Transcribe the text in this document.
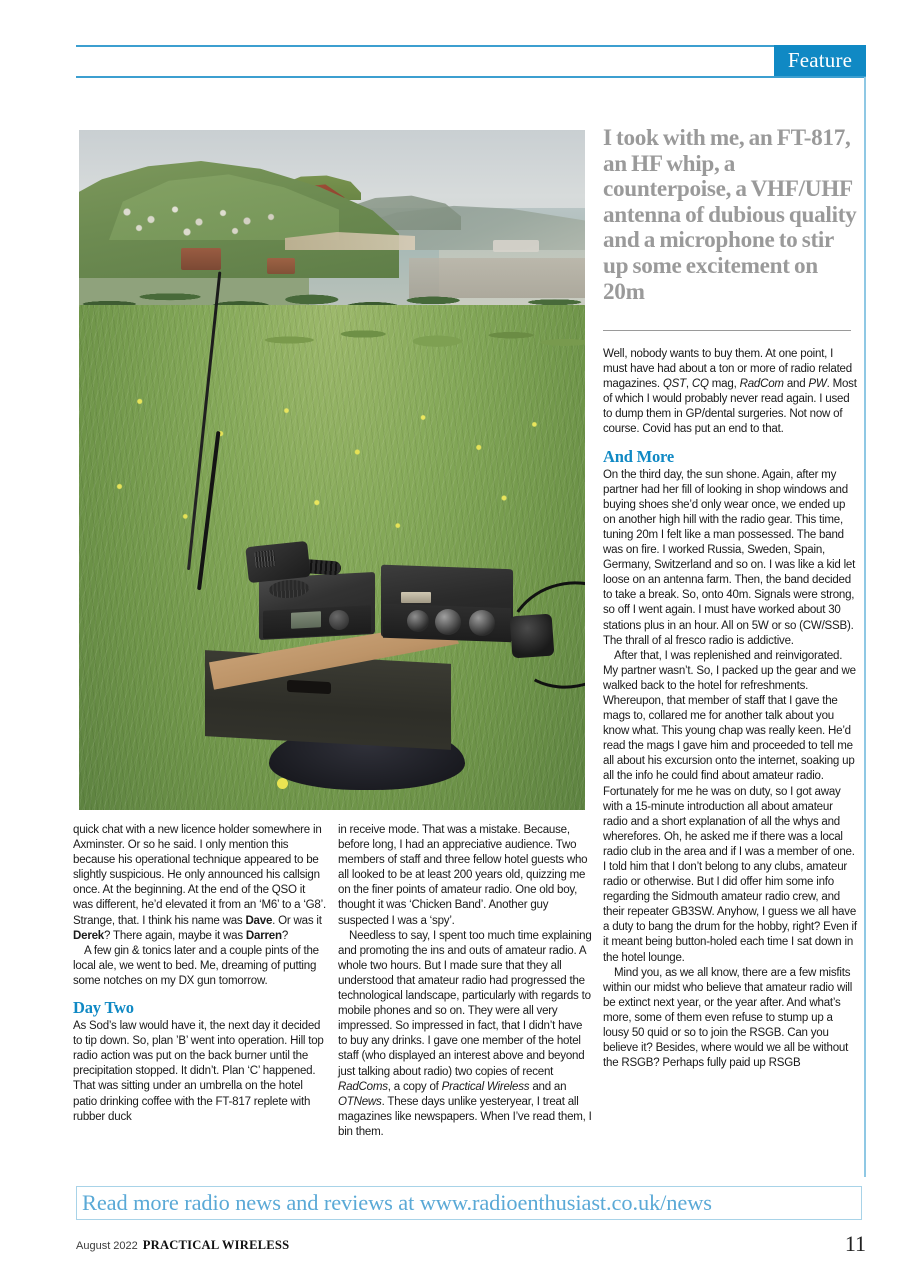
Feature
I took with me, an FT-817, an HF whip, a counterpoise, a VHF/UHF antenna of dubious quality and a microphone to stir up some excitement on 20m

Well, nobody wants to buy them. At one point, I must have had about a ton or more of radio related magazines. QST, CQ mag, RadCom and PW. Most of which I would probably never read again. I used to dump them in GP/dental surgeries. Not now of course. Covid has put an end to that.

And More

On the third day, the sun shone. Again, after my partner had her fill of looking in shop windows and buying shoes she’d only wear once, we ended up on another high hill with the radio gear. This time, tuning 20m I felt like a man possessed. The band was on fire. I worked Russia, Sweden, Spain, Germany, Switzerland and so on. I was like a kid let loose on an antenna farm. Then, the band decided to take a break. So, onto 40m. Signals were strong, so off I went again. I must have worked about 30 stations plus in an hour. All on 5W or so (CW/SSB). The thrall of al fresco radio is addictive.

After that, I was replenished and reinvigorated. My partner wasn’t. So, I packed up the gear and we walked back to the hotel for refreshments. Whereupon, that member of staff that I gave the mags to, collared me for another talk about you know what. This young chap was really keen. He’d read the mags I gave him and proceeded to tell me all about his excursion onto the internet, soaking up all the info he could find about amateur radio. Fortunately for me he was on duty, so I got away with a 15-minute introduction all about amateur radio and a short explanation of all the whys and wherefores. Oh, he asked me if there was a local radio club in the area and if I was a member of one. I told him that I don’t belong to any clubs, amateur radio or otherwise. But I did offer him some info regarding the Sidmouth amateur radio crew, and their repeater GB3SW. Anyhow, I guess we all have a duty to bang the drum for the hobby, right? Even if it meant being button-holed each time I sat down in the hotel lounge.

Mind you, as we all know, there are a few misfits within our midst who believe that amateur radio will be extinct next year, or the year after. And what’s more, some of them even refuse to stump up a lousy 50 quid or so to join the RSGB. Can you believe it? Besides, where would we all be without the RSGB? Perhaps fully paid up RSGB

quick chat with a new licence holder somewhere in Axminster. Or so he said. I only mention this because his operational technique appeared to be slightly suspicious. He only announced his callsign once. At the beginning. At the end of the QSO it was different, he’d elevated it from an ‘M6’ to a ‘G8’. Strange, that. I think his name was Dave. Or was it Derek? There again, maybe it was Darren?

A few gin & tonics later and a couple pints of the local ale, we went to bed. Me, dreaming of putting some notches on my DX gun tomorrow.

Day Two

As Sod’s law would have it, the next day it decided to tip down. So, plan ’B’ went into operation. Hill top radio action was put on the back burner until the precipitation stopped. It didn’t. Plan ‘C’ happened. That was sitting under an umbrella on the hotel patio drinking coffee with the FT-817 replete with rubber duck

in receive mode. That was a mistake. Because, before long, I had an appreciative audience. Two members of staff and three fellow hotel guests who all looked to be at least 200 years old, quizzing me on the finer points of amateur radio. One old boy, thought it was ‘Chicken Band’. Another guy suspected I was a ‘spy’.

Needless to say, I spent too much time explaining and promoting the ins and outs of amateur radio. A whole two hours. But I made sure that they all understood that amateur radio had progressed the technological landscape, particularly with regards to mobile phones and so on. They were all very impressed. So impressed in fact, that I didn’t have to buy any drinks. I gave one member of the hotel staff (who displayed an interest above and beyond just talking about radio) two copies of recent RadComs, a copy of Practical Wireless and an OTNews. These days unlike yesteryear, I treat all magazines like newspapers. When I’ve read them, I bin them.

Read more radio news and reviews at www.radioenthusiast.co.uk/news
August 2022 PRACTICAL WIRELESS	11
